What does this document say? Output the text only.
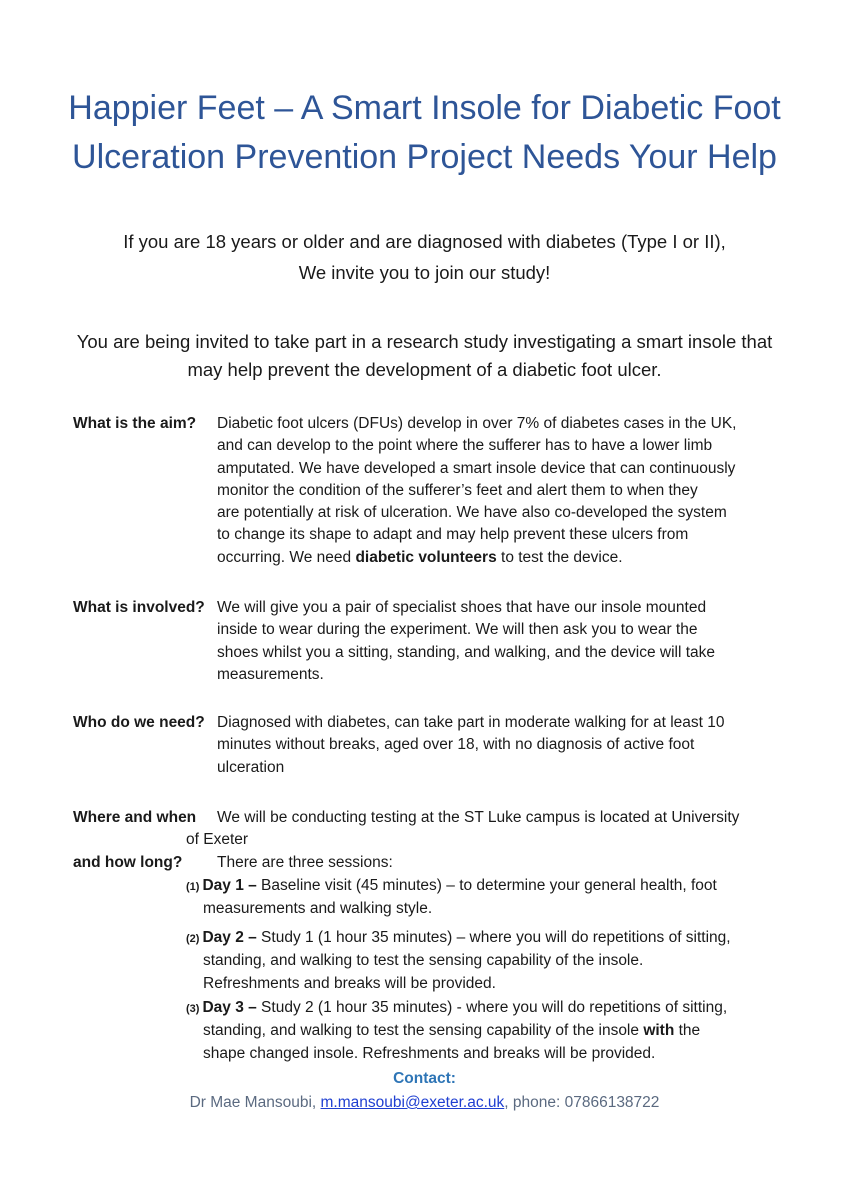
Happier Feet – A Smart Insole for Diabetic Foot
Ulceration Prevention Project Needs Your Help
If you are 18 years or older and are diagnosed with diabetes (Type I or II),
We invite you to join our study!
You are being invited to take part in a research study investigating a smart insole that
may help prevent the development of a diabetic foot ulcer.
What is the aim? Diabetic foot ulcers (DFUs) develop in over 7% of diabetes cases in the UK,
and can develop to the point where the sufferer has to have a lower limb
amputated. We have developed a smart insole device that can continuously
monitor the condition of the sufferer’s feet and alert them to when they
are potentially at risk of ulceration. We have also co-developed the system
to change its shape to adapt and may help prevent these ulcers from
occurring. We need diabetic volunteers to test the device.
What is involved? We will give you a pair of specialist shoes that have our insole mounted
inside to wear during the experiment. We will then ask you to wear the
shoes whilst you a sitting, standing, and walking, and the device will take
measurements.
Who do we need? Diagnosed with diabetes, can take part in moderate walking for at least 10
minutes without breaks, aged over 18, with no diagnosis of active foot
ulceration
Where and when We will be conducting testing at the ST Luke campus is located at University
of Exeter
There are three sessions:
and how long?
(1) Day 1 – Baseline visit (45 minutes) – to determine your general health, foot
measurements and walking style.
(2) Day 2 – Study 1 (1 hour 35 minutes) – where you will do repetitions of sitting,
standing, and walking to test the sensing capability of the insole.
Refreshments and breaks will be provided.
(3) Day 3 – Study 2 (1 hour 35 minutes) - where you will do repetitions of sitting,
standing, and walking to test the sensing capability of the insole with the
shape changed insole. Refreshments and breaks will be provided.
Contact:
Dr Mae Mansoubi, m.mansoubi@exeter.ac.uk, phone: 07866138722
